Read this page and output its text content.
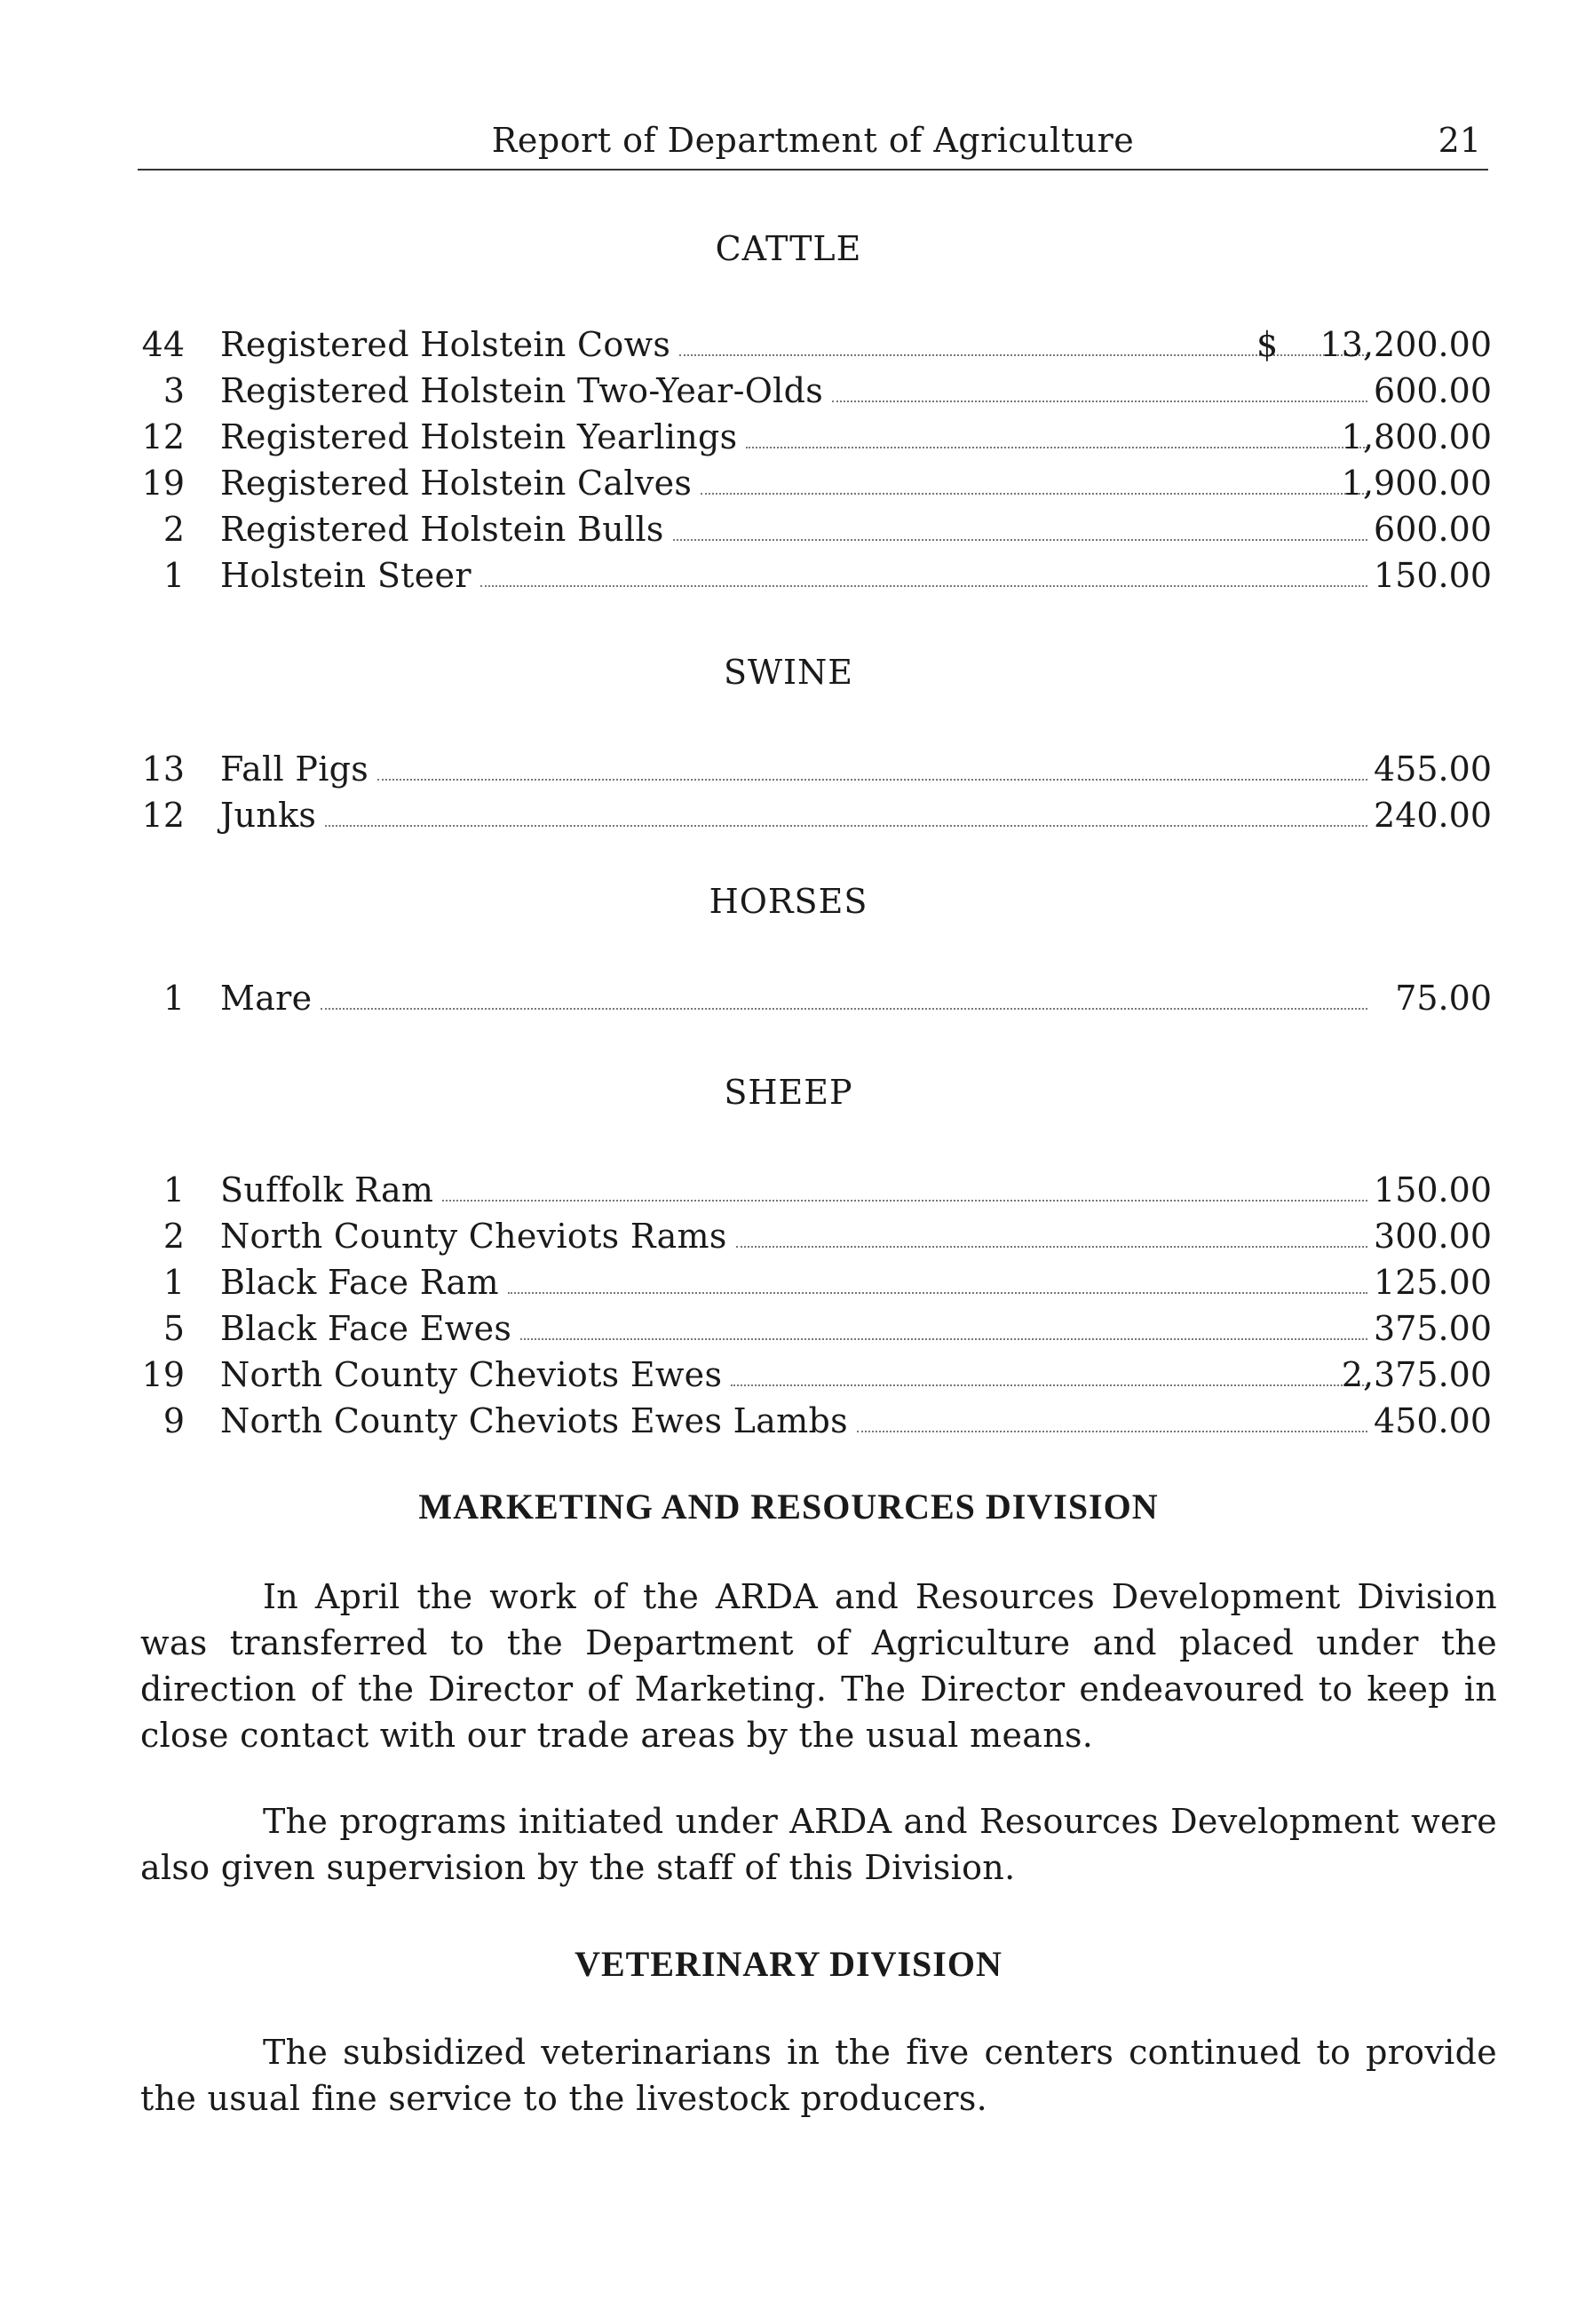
Report of Department of Agriculture	21
CATTLE
44 Registered Holstein Cows	$	13,200.00
3 Registered Holstein Two-Year-Olds	600.00
12 Registered Holstein Yearlings	1,800.00
19 Registered Holstein Calves	1,900.00
2 Registered Holstein Bulls	600.00
1 Holstein Steer	150.00
SWINE
13 Fall Pigs	455.00
12 Junks	240.00
HORSES
1 Mare	75.00
SHEEP
1 Suffolk Ram	150.00
2 North County Cheviots Rams	300.00
1 Black Face Ram	125.00
5 Black Face Ewes	375.00
19 North County Cheviots Ewes	2,375.00
9 North County Cheviots Ewes Lambs	450.00
MARKETING AND RESOURCES DIVISION

In April the work of the ARDA and Resources Development Division was transferred to the Department of Agriculture and placed under the direction of the Director of Marketing. The Director endeavoured to keep in close contact with our trade areas by the usual means.

The programs initiated under ARDA and Resources Development were also given supervision by the staff of this Division.

VETERINARY DIVISION

The subsidized veterinarians in the five centers continued to provide the usual fine service to the livestock producers.
